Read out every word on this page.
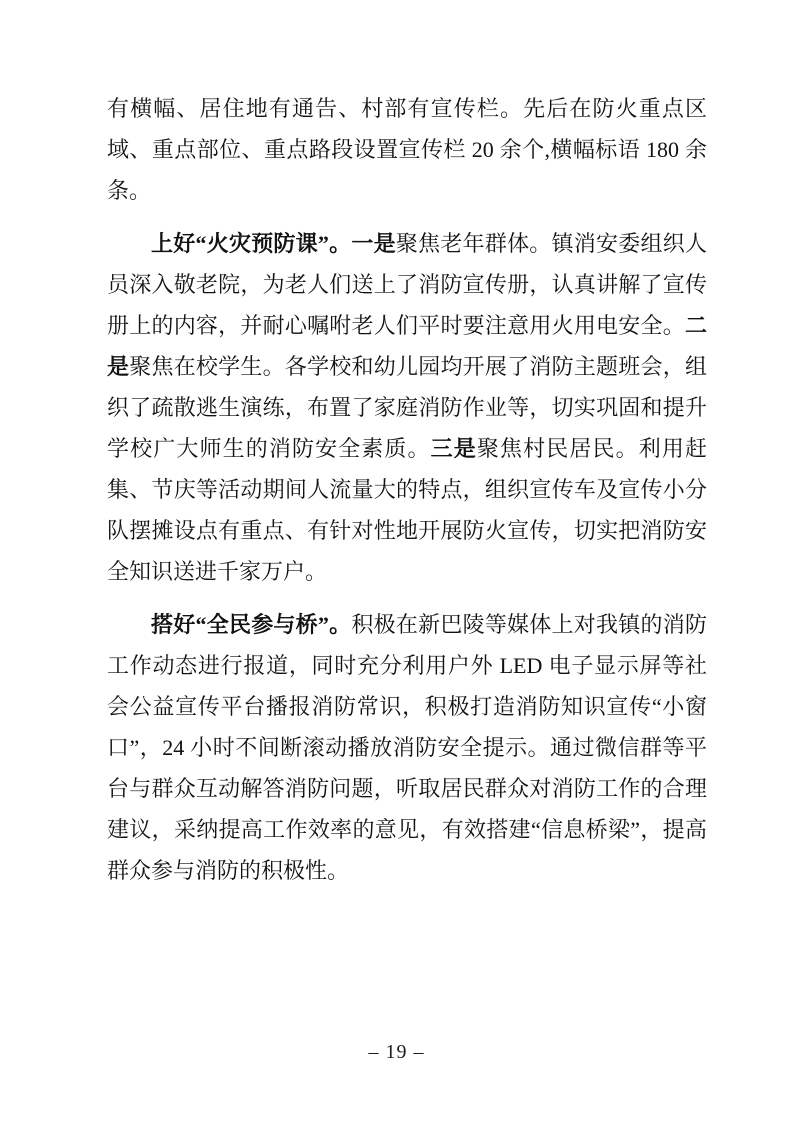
有横幅、居住地有通告、村部有宣传栏。先后在防火重点区域、重点部位、重点路段设置宣传栏 20 余个,横幅标语 180 余条。

上好“火灾预防课”。一是聚焦老年群体。镇消安委组织人员深入敬老院，为老人们送上了消防宣传册，认真讲解了宣传册上的内容，并耐心嘱咐老人们平时要注意用火用电安全。二是聚焦在校学生。各学校和幼儿园均开展了消防主题班会，组织了疏散逃生演练，布置了家庭消防作业等，切实巩固和提升学校广大师生的消防安全素质。三是聚焦村民居民。利用赶集、节庆等活动期间人流量大的特点，组织宣传车及宣传小分队摆摊设点有重点、有针对性地开展防火宣传，切实把消防安全知识送进千家万户。

搭好“全民参与桥”。积极在新巴陵等媒体上对我镇的消防工作动态进行报道，同时充分利用户外 LED 电子显示屏等社会公益宣传平台播报消防常识，积极打造消防知识宣传“小窗口”，24 小时不间断滚动播放消防安全提示。通过微信群等平台与群众互动解答消防问题，听取居民群众对消防工作的合理建议，采纳提高工作效率的意见，有效搭建“信息桥梁”，提高群众参与消防的积极性。

– 19 –
